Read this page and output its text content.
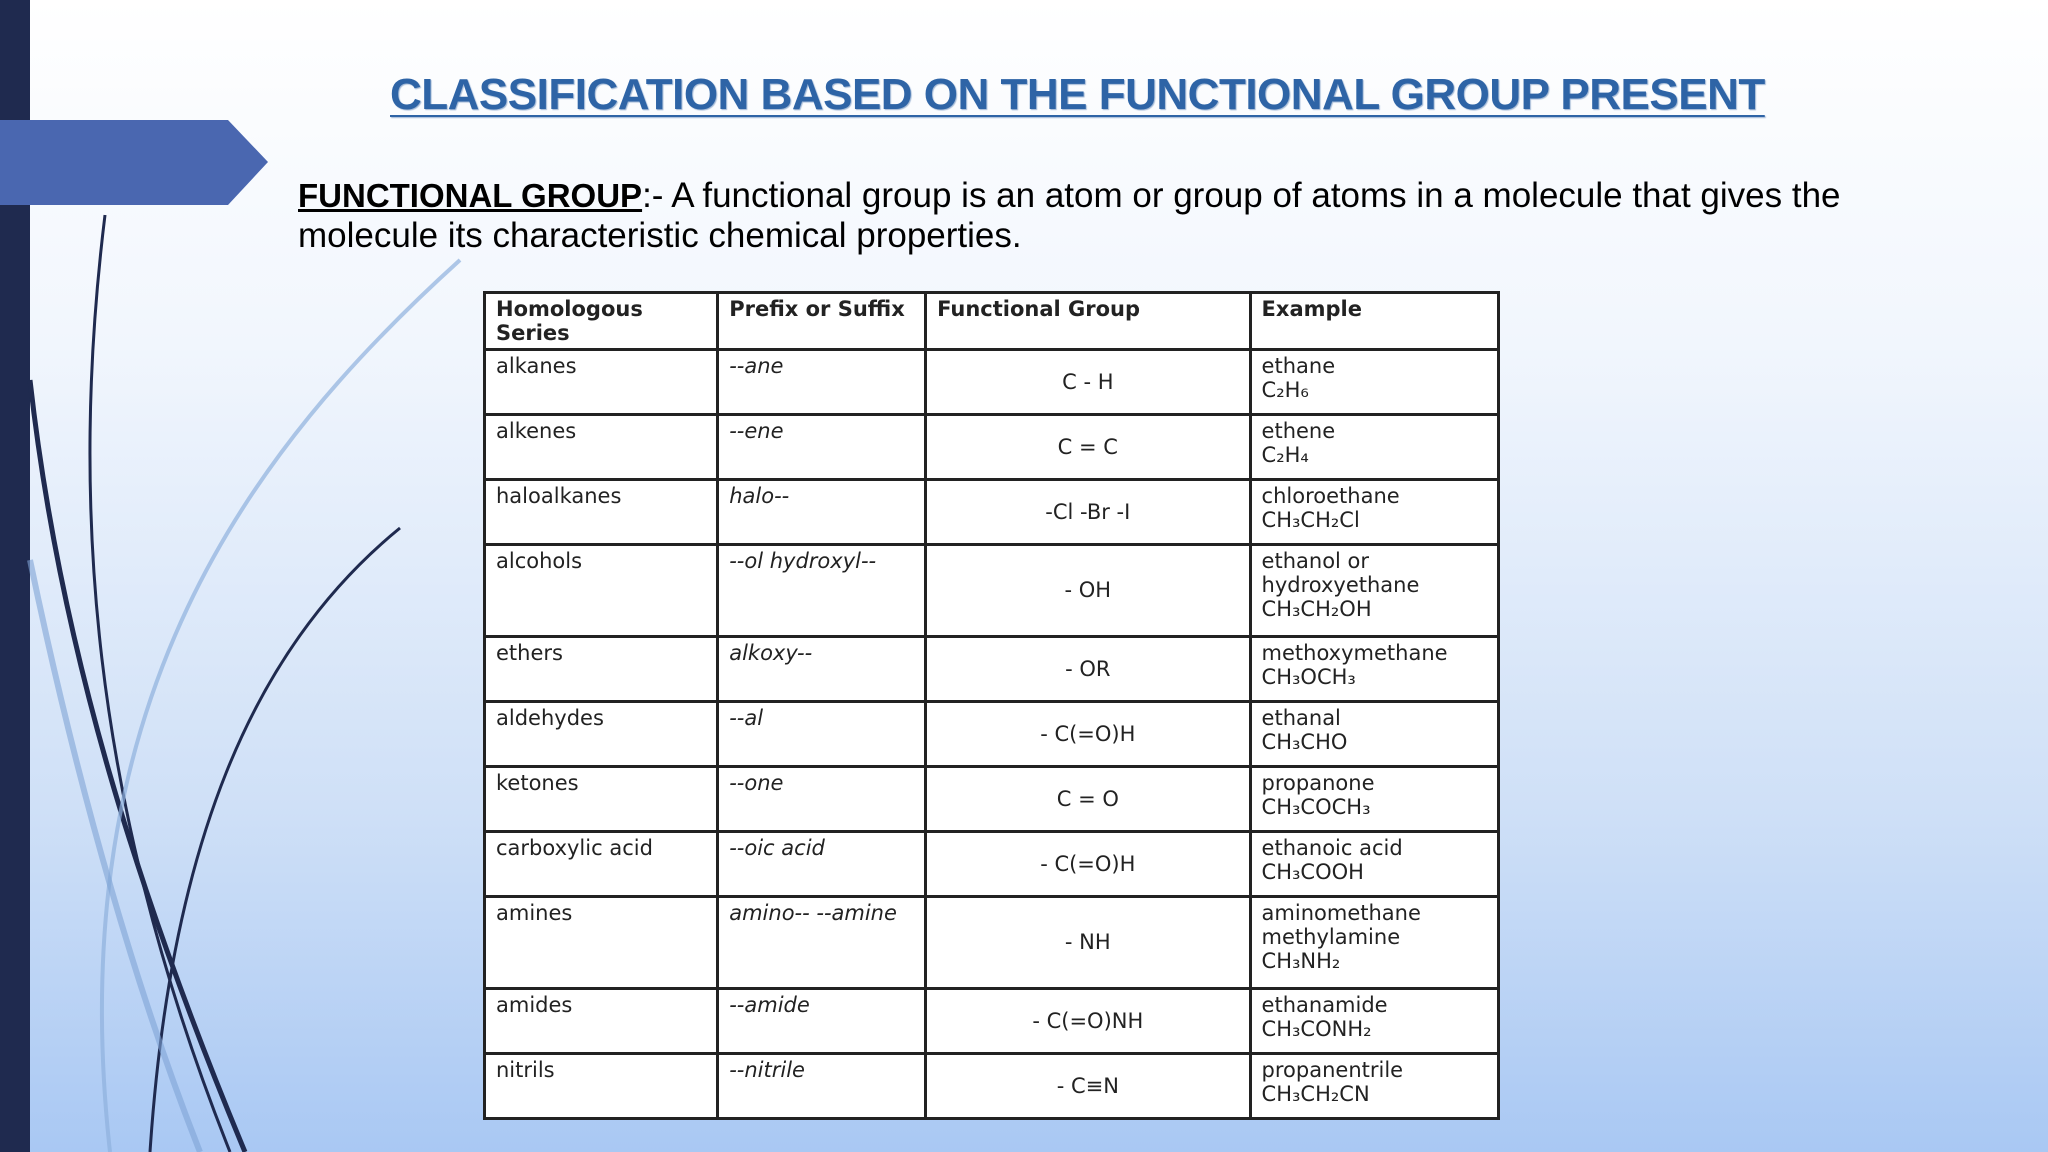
CLASSIFICATION BASED ON THE FUNCTIONAL GROUP PRESENT
FUNCTIONAL GROUP:- A functional group is an atom or group of atoms in a molecule that gives the molecule its characteristic chemical properties.
Homologous Series	Prefix or Suffix	Functional Group	Example
alkanes	--ane	C - H	ethane
C₂H₆

alkenes	--ene	C = C	ethene
C₂H₄

haloalkanes	halo--	-Cl -Br -I	chloroethane
CH₃CH₂Cl

alcohols	--ol hydroxyl--	- OH	ethanol or hydroxyethane
CH₃CH₂OH

ethers	alkoxy--	- OR	methoxymethane
CH₃OCH₃

aldehydes	--al	- C(=O)H	ethanal
CH₃CHO

ketones	--one	C = O	propanone
CH₃COCH₃

carboxylic acid	--oic acid	- C(=O)H	ethanoic acid
CH₃COOH

amines	amino-- --amine	- NH	aminomethane methylamine
CH₃NH₂

amides	--amide	- C(=O)NH	ethanamide
CH₃CONH₂

nitrils	--nitrile	- C≡N	propanentrile
CH₃CH₂CN
